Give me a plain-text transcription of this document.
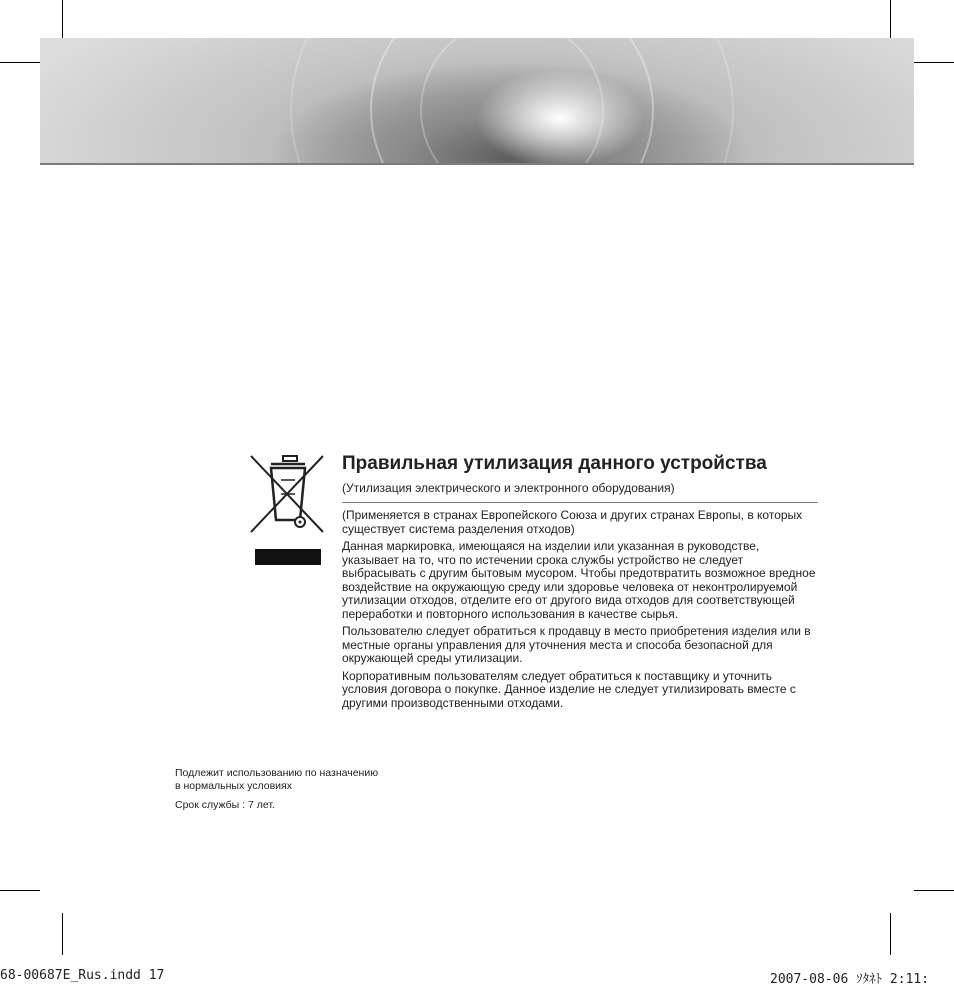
Правильная утилизация данного устройства
(Утилизация электрического и электронного оборудования)

(Применяется в странах Европейского Союза и других странах Европы, в которых существует система разделения отходов)

Данная маркировка, имеющаяся на изделии или указанная в руководстве, указывает на то, что по истечении срока службы устройство не следует выбрасывать с другим бытовым мусором. Чтобы предотвратить возможное вредное воздействие на окружающую среду или здоровье человека от неконтролируемой утилизации отходов, отделите его от другого вида отходов для соответствующей переработки и повторного использования в качестве сырья.

Пользователю следует обратиться к продавцу в место приобретения изделия или в местные органы управления для уточнения места и способа безопасной для окружающей среды утилизации.

Корпоративным пользователям следует обратиться к поставщику и уточнить условия договора о покупке. Данное изделие не следует утилизировать вместе с другими производственными отходами.

Подлежит использованию по назначению
в нормальных условиях
Срок службы : 7 лет.
68-00687E_Rus.indd 17	2007-08-06 ｿﾀﾈﾄ 2:11:
